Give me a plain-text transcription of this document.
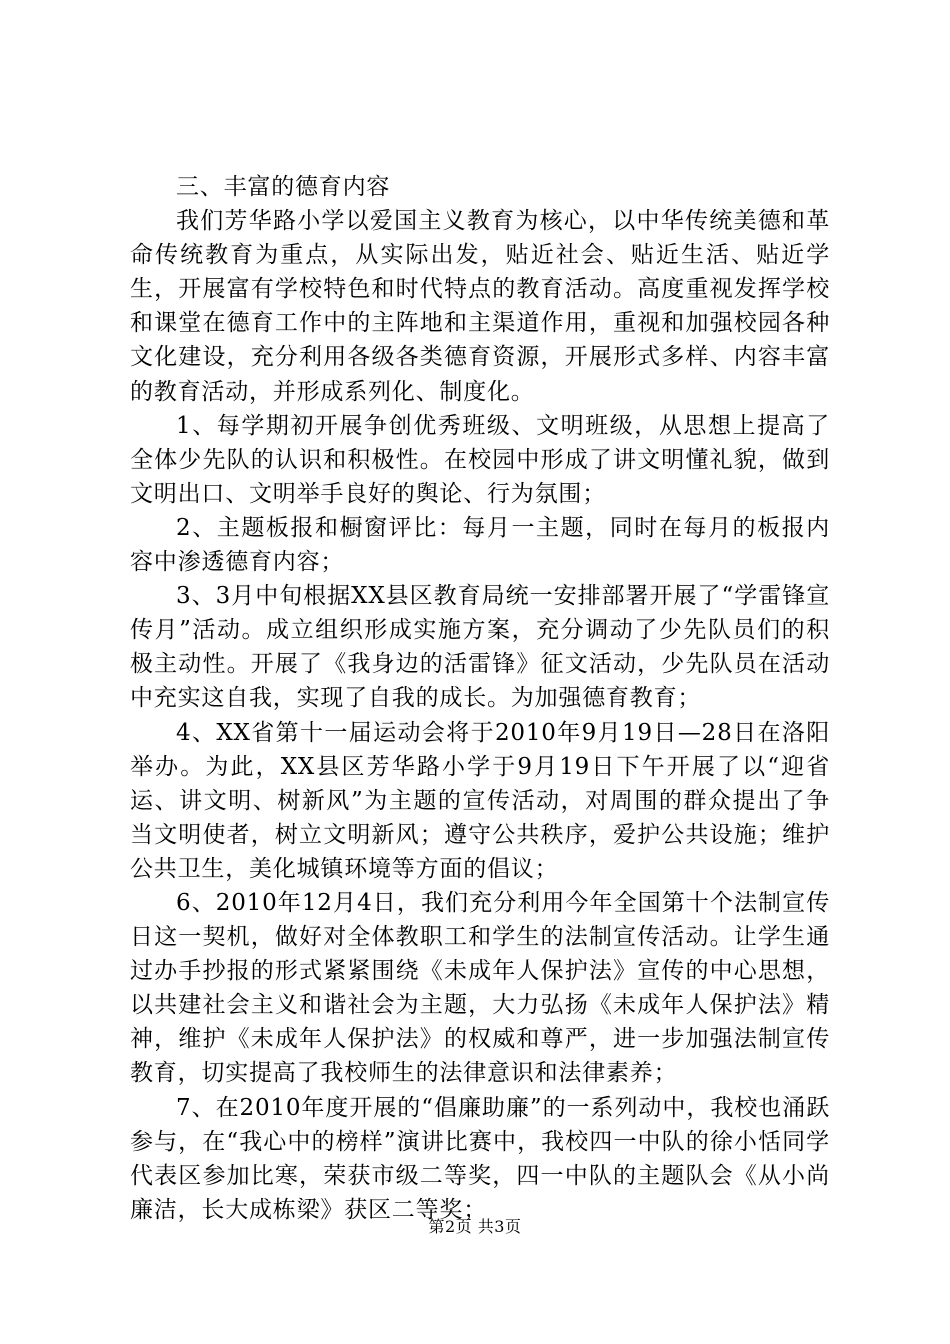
三、丰富的德育内容

我们芳华路小学以爱国主义教育为核心，以中华传统美德和革命传统教育为重点，从实际出发，贴近社会、贴近生活、贴近学生，开展富有学校特色和时代特点的教育活动。高度重视发挥学校和课堂在德育工作中的主阵地和主渠道作用，重视和加强校园各种文化建设，充分利用各级各类德育资源，开展形式多样、内容丰富的教育活动，并形成系列化、制度化。

1、每学期初开展争创优秀班级、文明班级，从思想上提高了全体少先队的认识和积极性。在校园中形成了讲文明懂礼貌，做到文明出口、文明举手良好的舆论、行为氛围；

2、主题板报和橱窗评比：每月一主题，同时在每月的板报内容中渗透德育内容；

3、3月中旬根据XX县区教育局统一安排部署开展了“学雷锋宣传月”活动。成立组织形成实施方案，充分调动了少先队员们的积极主动性。开展了《我身边的活雷锋》征文活动，少先队员在活动中充实这自我，实现了自我的成长。为加强德育教育；

4、XX省第十一届运动会将于2010年9月19日—28日在洛阳举办。为此，XX县区芳华路小学于9月19日下午开展了以“迎省运、讲文明、树新风”为主题的宣传活动，对周围的群众提出了争当文明使者，树立文明新风；遵守公共秩序，爱护公共设施；维护公共卫生，美化城镇环境等方面的倡议；

6、2010年12月4日，我们充分利用今年全国第十个法制宣传日这一契机，做好对全体教职工和学生的法制宣传活动。让学生通过办手抄报的形式紧紧围绕《未成年人保护法》宣传的中心思想，以共建社会主义和谐社会为主题，大力弘扬《未成年人保护法》精神，维护《未成年人保护法》的权威和尊严，进一步加强法制宣传教育，切实提高了我校师生的法律意识和法律素养；

7、在2010年度开展的“倡廉助廉”的一系列动中，我校也涌跃参与，在“我心中的榜样”演讲比赛中，我校四一中队的徐小恬同学代表区参加比寒，荣获市级二等奖，四一中队的主题队会《从小尚廉洁，长大成栋梁》获区二等奖；

第2页 共3页
